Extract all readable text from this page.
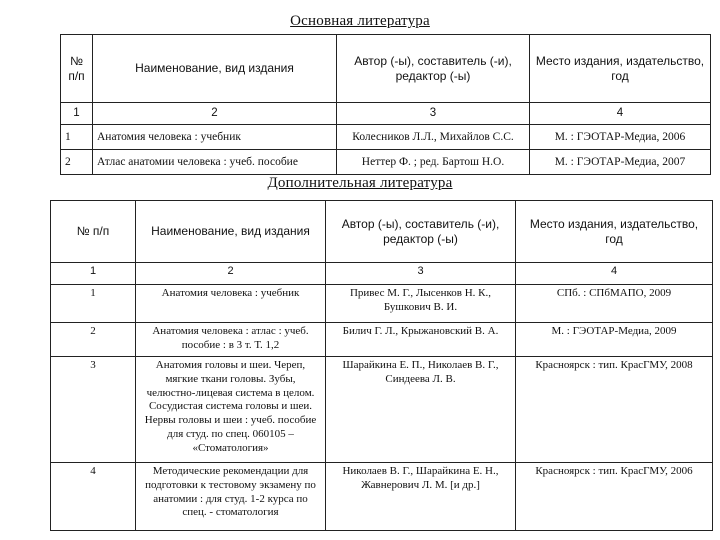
Основная литература
№ п/п	Наименование, вид издания	Автор (-ы), составитель (-и), редактор (-ы)	Место издания, издательство, год
1	2	3	4
1	Анатомия человека : учебник	Колесников Л.Л., Михайлов С.С.	М. : ГЭОТАР-Медиа, 2006
2	Атлас анатомии человека : учеб. пособие	Неттер Ф. ; ред. Бартош Н.О.	М. : ГЭОТАР-Медиа, 2007
Дополнительная литература
№ п/п	Наименование, вид издания	Автор (-ы), составитель (-и), редактор (-ы)	Место издания, издательство, год
1	2	3	4
1	Анатомия человека : учебник	Привес М. Г., Лысенков Н. К., Бушкович В. И.	СПб. : СПбМАПО, 2009
2	Анатомия человека : атлас : учеб. пособие : в 3 т. Т. 1,2	Билич Г. Л., Крыжановский В. А.	М. : ГЭОТАР-Медиа, 2009
3	Анатомия головы и шеи. Череп, мягкие ткани головы. Зубы, челюстно-лицевая система в целом. Сосудистая система головы и шеи. Нервы головы и шеи : учеб. пособие для студ. по спец. 060105 – «Стоматология»	Шарайкина Е. П., Николаев В. Г., Синдеева Л. В.	Красноярск : тип. КрасГМУ, 2008
4	Методические рекомендации для подготовки к тестовому экзамену по анатомии : для студ. 1-2 курса по спец. - стоматология	Николаев В. Г., Шарайкина Е. Н., Жавнерович Л. М. [и др.]	Красноярск : тип. КрасГМУ, 2006
